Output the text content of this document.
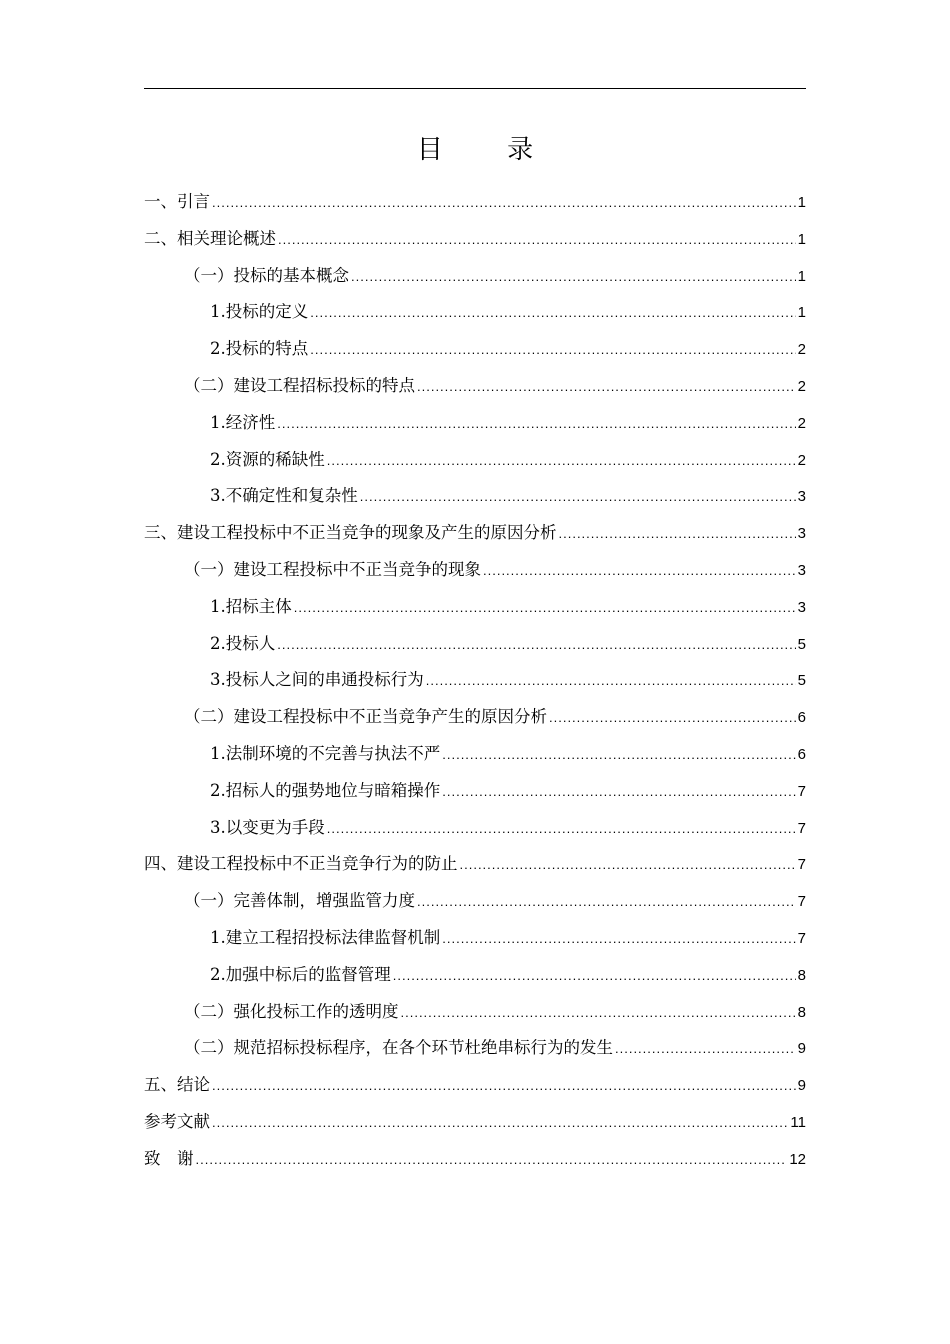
目 录
一、引言 .....	1
二、相关理论概述 .....	1
（一）投标的基本概念 .....	1
1.投标的定义 .....	1
2.投标的特点 .....	2
（二）建设工程招标投标的特点 .....	2
1.经济性 .....	2
2.资源的稀缺性 .....	2
3.不确定性和复杂性 .....	3
三、建设工程投标中不正当竞争的现象及产生的原因分析 .....	3
（一）建设工程投标中不正当竞争的现象 .....	3
1.招标主体 .....	3
2.投标人 .....	5
3.投标人之间的串通投标行为 .....	5
（二）建设工程投标中不正当竞争产生的原因分析 .....	6
1.法制环境的不完善与执法不严 .....	6
2.招标人的强势地位与暗箱操作 .....	7
3.以变更为手段 .....	7
四、建设工程投标中不正当竞争行为的防止 .....	7
（一）完善体制，增强监管力度 .....	7
1.建立工程招投标法律监督机制 .....	7
2.加强中标后的监督管理 .....	8
（二）强化投标工作的透明度 .....	8
（二）规范招标投标程序，在各个环节杜绝串标行为的发生 .....	9
五、结论 .....	9
参考文献 .....	11
致　谢 .....	12
